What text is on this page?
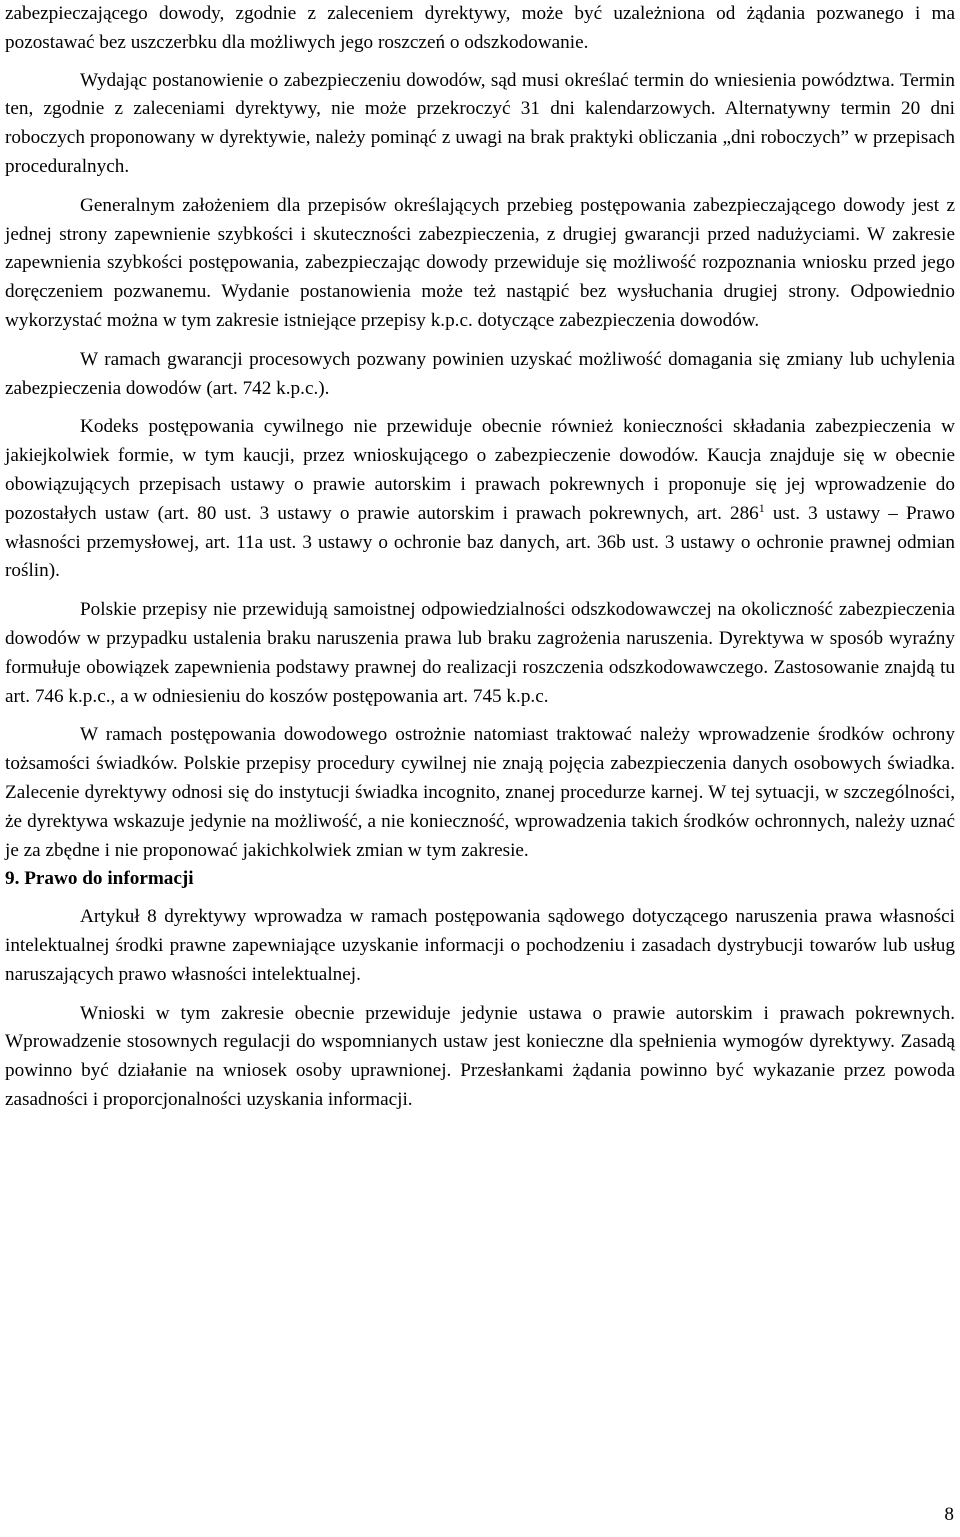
zabezpieczającego dowody, zgodnie z zaleceniem dyrektywy, może być uzależniona od żądania pozwanego i ma pozostawać bez uszczerbku dla możliwych jego roszczeń o odszkodowanie.

Wydając postanowienie o zabezpieczeniu dowodów, sąd musi określać termin do wniesienia powództwa. Termin ten, zgodnie z zaleceniami dyrektywy, nie może przekroczyć 31 dni kalendarzowych. Alternatywny termin 20 dni roboczych proponowany w dyrektywie, należy pominąć z uwagi na brak praktyki obliczania „dni roboczych” w przepisach proceduralnych.

Generalnym założeniem dla przepisów określających przebieg postępowania zabezpieczającego dowody jest z jednej strony zapewnienie szybkości i skuteczności zabezpieczenia, z drugiej gwarancji przed nadużyciami. W zakresie zapewnienia szybkości postępowania, zabezpieczając dowody przewiduje się możliwość rozpoznania wniosku przed jego doręczeniem pozwanemu. Wydanie postanowienia może też nastąpić bez wysłuchania drugiej strony. Odpowiednio wykorzystać można w tym zakresie istniejące przepisy k.p.c. dotyczące zabezpieczenia dowodów.

W ramach gwarancji procesowych pozwany powinien uzyskać możliwość domagania się zmiany lub uchylenia zabezpieczenia dowodów (art. 742 k.p.c.).

Kodeks postępowania cywilnego nie przewiduje obecnie również konieczności składania zabezpieczenia w jakiejkolwiek formie, w tym kaucji, przez wnioskującego o zabezpieczenie dowodów. Kaucja znajduje się w obecnie obowiązujących przepisach ustawy o prawie autorskim i prawach pokrewnych i proponuje się jej wprowadzenie do pozostałych ustaw (art. 80 ust. 3 ustawy o prawie autorskim i prawach pokrewnych, art. $286^1$ ust. 3 ustawy – Prawo własności przemysłowej, art. 11a ust. 3 ustawy o ochronie baz danych, art. 36b ust. 3 ustawy o ochronie prawnej odmian roślin).

Polskie przepisy nie przewidują samoistnej odpowiedzialności odszkodowawczej na okoliczność zabezpieczenia dowodów w przypadku ustalenia braku naruszenia prawa lub braku zagrożenia naruszenia. Dyrektywa w sposób wyraźny formułuje obowiązek zapewnienia podstawy prawnej do realizacji roszczenia odszkodowawczego. Zastosowanie znajdą tu art. 746 k.p.c., a w odniesieniu do koszów postępowania art. 745 k.p.c.

W ramach postępowania dowodowego ostrożnie natomiast traktować należy wprowadzenie środków ochrony tożsamości świadków. Polskie przepisy procedury cywilnej nie znają pojęcia zabezpieczenia danych osobowych świadka. Zalecenie dyrektywy odnosi się do instytucji świadka incognito, znanej procedurze karnej. W tej sytuacji, w szczególności, że dyrektywa wskazuje jedynie na możliwość, a nie konieczność, wprowadzenia takich środków ochronnych, należy uznać je za zbędne i nie proponować jakichkolwiek zmian w tym zakresie.

9. Prawo do informacji

Artykuł 8 dyrektywy wprowadza w ramach postępowania sądowego dotyczącego naruszenia prawa własności intelektualnej środki prawne zapewniające uzyskanie informacji o pochodzeniu i zasadach dystrybucji towarów lub usług naruszających prawo własności intelektualnej.

Wnioski w tym zakresie obecnie przewiduje jedynie ustawa o prawie autorskim i prawach pokrewnych. Wprowadzenie stosownych regulacji do wspomnianych ustaw jest konieczne dla spełnienia wymogów dyrektywy. Zasadą powinno być działanie na wniosek osoby uprawnionej. Przesłankami żądania powinno być wykazanie przez powoda zasadności i proporcjonalności uzyskania informacji.

8
